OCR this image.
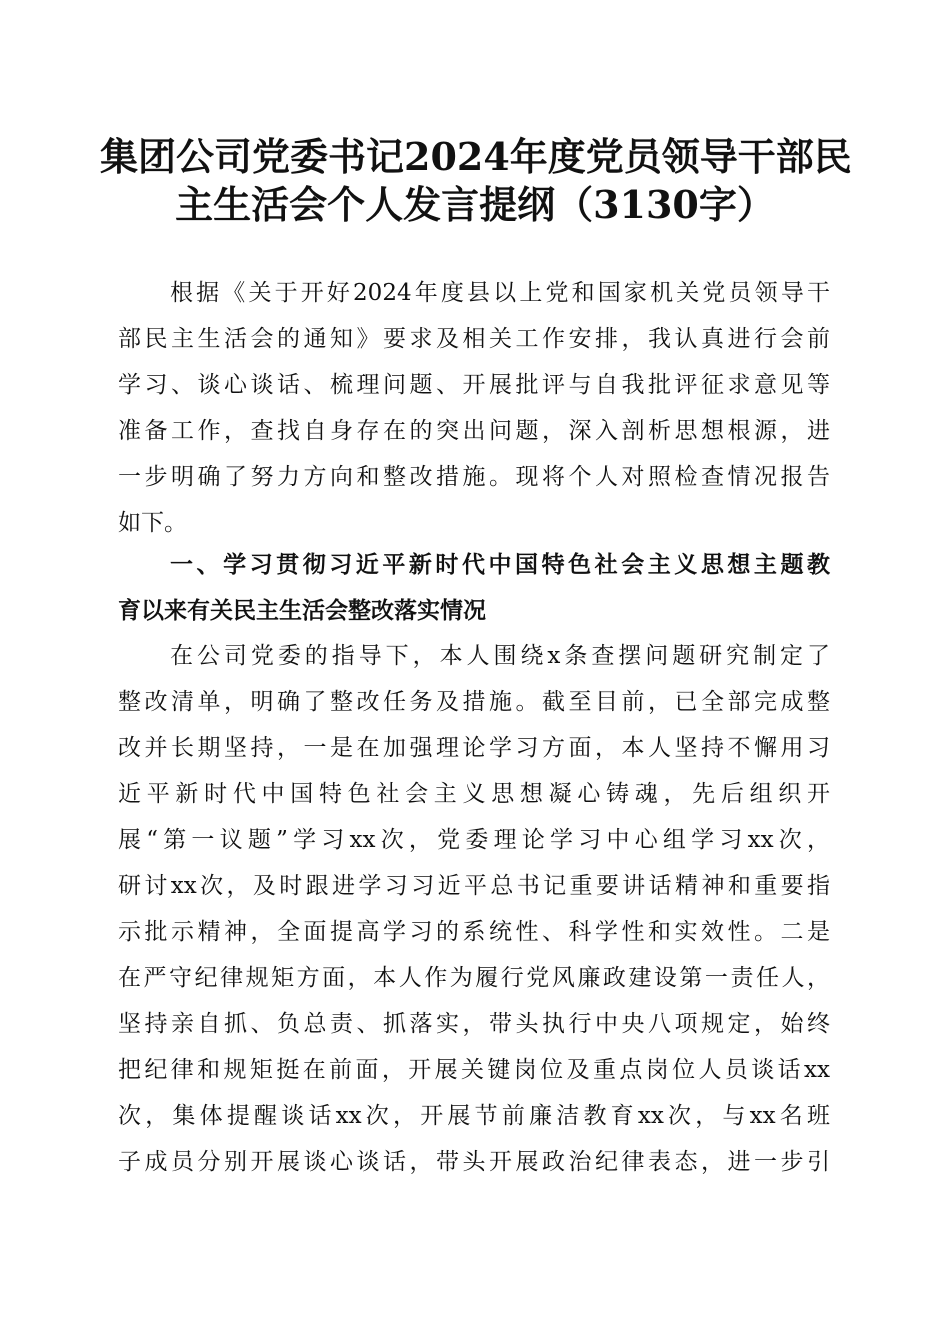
集团公司党委书记2024年度党员领导干部民
主生活会个人发言提纲（3130字）
根据《关于开好2024年度县以上党和国家机关党员领导干
部民主生活会的通知》要求及相关工作安排，我认真进行会前
学习、谈心谈话、梳理问题、开展批评与自我批评征求意见等
准备工作，查找自身存在的突出问题，深入剖析思想根源，进
一步明确了努力方向和整改措施。现将个人对照检查情况报告
如下。
一、学习贯彻习近平新时代中国特色社会主义思想主题教
育以来有关民主生活会整改落实情况
在公司党委的指导下，本人围绕x条查摆问题研究制定了
整改清单，明确了整改任务及措施。截至目前，已全部完成整
改并长期坚持，一是在加强理论学习方面，本人坚持不懈用习
近平新时代中国特色社会主义思想凝心铸魂，先后组织开
展“第一议题”学习xx次，党委理论学习中心组学习xx次，
研讨xx次，及时跟进学习习近平总书记重要讲话精神和重要指
示批示精神，全面提高学习的系统性、科学性和实效性。二是
在严守纪律规矩方面，本人作为履行党风廉政建设第一责任人，
坚持亲自抓、负总责、抓落实，带头执行中央八项规定，始终
把纪律和规矩挺在前面，开展关键岗位及重点岗位人员谈话xx
次，集体提醒谈话xx次，开展节前廉洁教育xx次，与xx名班
子成员分别开展谈心谈话，带头开展政治纪律表态，进一步引
